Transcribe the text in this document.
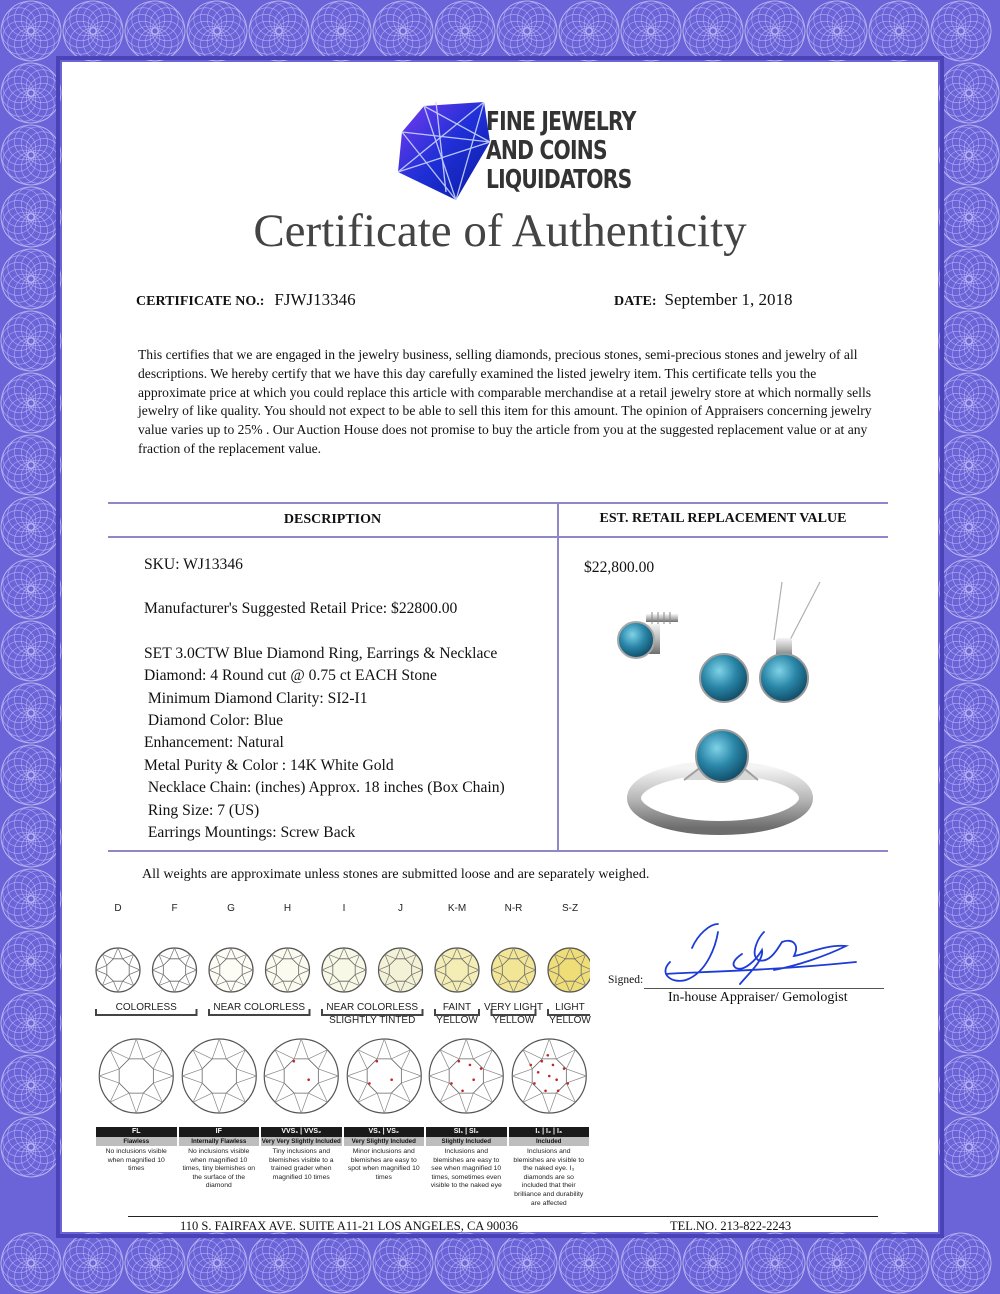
FINE JEWELRY
AND COINS
LIQUIDATORS
Certificate of Authenticity
CERTIFICATE NO.: FJWJ13346	DATE: September 1, 2018
This certifies that we are engaged in the jewelry business, selling diamonds, precious stones, semi-precious stones and jewelry of all descriptions. We hereby certify that we have this day carefully examined the listed jewelry item. This certificate tells you the approximate price at which you could replace this article with comparable merchandise at a retail jewelry store at which normally sells jewelry of like quality. You should not expect to be able to sell this item for this amount. The opinion of Appraisers concerning jewelry value varies up to 25% . Our Auction House does not promise to buy the article from you at the suggested replacement value or at any fraction of the replacement value.
DESCRIPTION	EST. RETAIL REPLACEMENT VALUE
SKU: WJ13346
Manufacturer's Suggested Retail Price: $22800.00
SET 3.0CTW Blue Diamond Ring, Earrings & Necklace
Diamond: 4 Round cut @ 0.75 ct EACH Stone
Minimum Diamond Clarity: SI2-I1
Diamond Color: Blue
Enhancement: Natural
Metal Purity & Color : 14K White Gold
Necklace Chain: (inches) Approx. 18 inches (Box Chain)
Ring Size: 7 (US)
Earrings Mountings: Screw Back
$22,800.00
All weights are approximate unless stones are submitted loose and are separately weighed.
D	F	G	H	I	J	K-M	N-R	S-Z
COLORLESS	NEAR COLORLESS	NEAR COLORLESS
SLIGHTLY TINTED
FAINT
YELLOW
VERY LIGHT
YELLOW
LIGHT
YELLOW
FL
Flawless
No inclusions visible when magnified 10 times
IF
Internally Flawless
No inclusions visible when magnified 10 times, tiny blemishes on the surface of the diamond
VVS₁ | VVS₂
Very Very Slightly Included
Tiny inclusions and blemishes visible to a trained grader when magnified 10 times
VS₁ | VS₂
Very Slightly Included
Minor inclusions and blemishes are easy to spot when magnified 10 times
SI₁ | SI₂
Slightly Included
Inclusions and blemishes are easy to see when magnified 10 times, sometimes even visible to the naked eye
I₁ | I₂ | I₃
Included
Inclusions and blemishes are visible to the naked eye. I₃ diamonds are so included that their brilliance and durability are affected
Signed:
In-house Appraiser/ Gemologist
110 S. FAIRFAX AVE. SUITE A11-21 LOS ANGELES, CA 90036	TEL.NO. 213-822-2243
